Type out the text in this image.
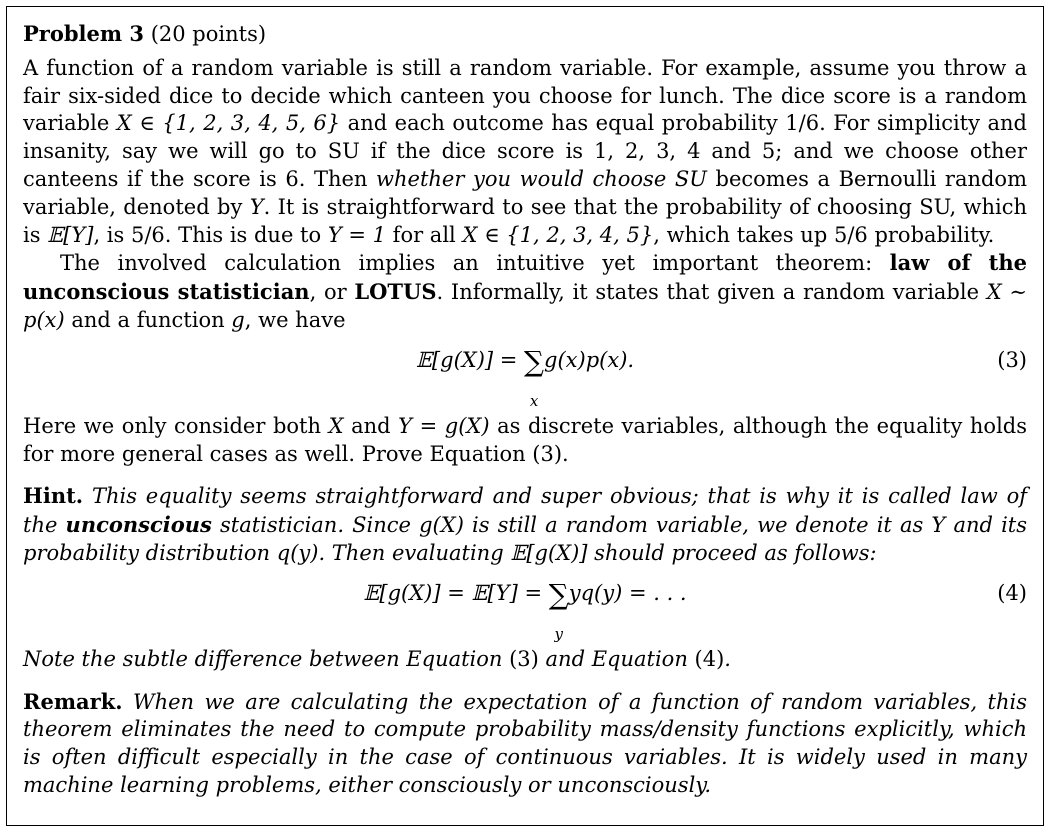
Problem 3 (20 points)

A function of a random variable is still a random variable. For example, assume you throw a fair six-sided dice to decide which canteen you choose for lunch. The dice score is a random variable X ∈ {1, 2, 3, 4, 5, 6} and each outcome has equal probability 1/6. For simplicity and insanity, say we will go to SU if the dice score is 1, 2, 3, 4 and 5; and we choose other canteens if the score is 6. Then whether you would choose SU becomes a Bernoulli random variable, denoted by Y. It is straightforward to see that the probability of choosing SU, which is 𝔼[Y], is 5/6. This is due to Y = 1 for all X ∈ {1, 2, 3, 4, 5}, which takes up 5/6 probability.

The involved calculation implies an intuitive yet important theorem: law of the unconscious statistician, or LOTUS. Informally, it states that given a random variable X ∼ p(x) and a function g, we have

𝔼[g(X)] = ∑
x
g(x)p(x).	(3)

Here we only consider both X and Y = g(X) as discrete variables, although the equality holds for more general cases as well. Prove Equation (3).

Hint. This equality seems straightforward and super obvious; that is why it is called law of the unconscious statistician. Since g(X) is still a random variable, we denote it as Y and its probability distribution q(y). Then evaluating 𝔼[g(X)] should proceed as follows:

𝔼[g(X)] = 𝔼[Y] = ∑
y
yq(y) = . . .	(4)

Note the subtle difference between Equation (3) and Equation (4).

Remark. When we are calculating the expectation of a function of random variables, this theorem eliminates the need to compute probability mass/density functions explicitly, which is often difficult especially in the case of continuous variables. It is widely used in many machine learning problems, either consciously or unconsciously.
